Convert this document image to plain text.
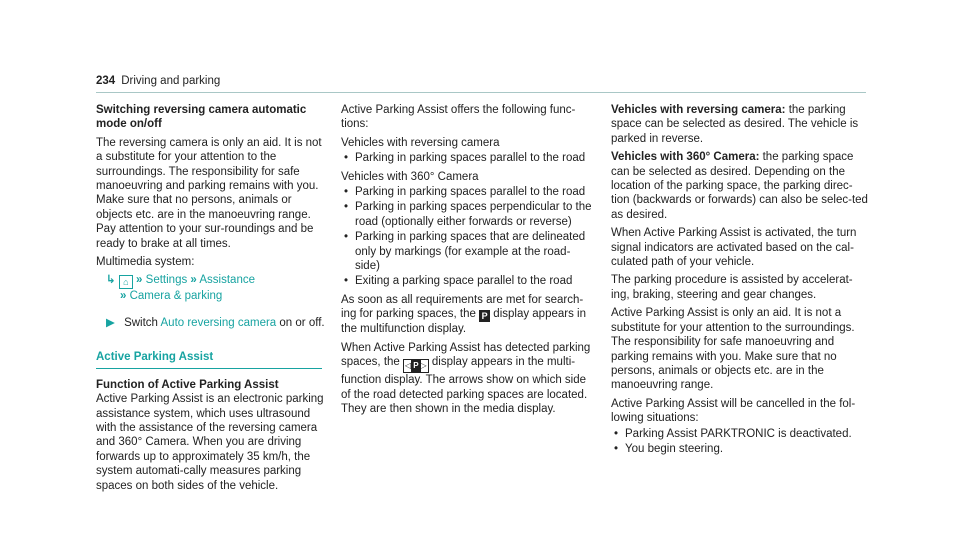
234 Driving and parking

Switching reversing camera automatic mode on/off

The reversing camera is only an aid. It is not a substitute for your attention to the surroundings. The responsibility for safe manoeuvring and parking remains with you. Make sure that no persons, animals or objects etc. are in the manoeuvring range. Pay attention to your sur-roundings and be ready to brake at all times.

Multimedia system:

↳ ⌂ » Settings » Assistance
» Camera & parking
▶ Switch Auto reversing camera on or off.
Active Parking Assist

Function of Active Parking Assist

Active Parking Assist is an electronic parking assistance system, which uses ultrasound with the assistance of the reversing camera and 360° Camera. When you are driving forwards up to approximately 35 km/h, the system automati-cally measures parking spaces on both sides of the vehicle.

Active Parking Assist offers the following func-tions:

Vehicles with reversing camera

• Parking in parking spaces parallel to the road

Vehicles with 360° Camera

• Parking in parking spaces parallel to the road
• Parking in parking spaces perpendicular to the road (optionally either forwards or reverse)
• Parking in parking spaces that are delineated only by markings (for example at the road-side)
• Exiting a parking space parallel to the road

As soon as all requirements are met for search-ing for parking spaces, the P display appears in the multifunction display.

When Active Parking Assist has detected parking spaces, the ◁ P ▷ display appears in the multi-function display. The arrows show on which side of the road detected parking spaces are located. They are then shown in the media display.

Vehicles with reversing camera: the parking space can be selected as desired. The vehicle is parked in reverse.

Vehicles with 360° Camera: the parking space can be selected as desired. Depending on the location of the parking space, the parking direc-tion (backwards or forwards) can also be selec-ted as desired.

When Active Parking Assist is activated, the turn signal indicators are activated based on the cal-culated path of your vehicle.

The parking procedure is assisted by accelerat-ing, braking, steering and gear changes.

Active Parking Assist is only an aid. It is not a substitute for your attention to the surroundings. The responsibility for safe manoeuvring and parking remains with you. Make sure that no persons, animals or objects etc. are in the manoeuvring range.

Active Parking Assist will be cancelled in the fol-lowing situations:

• Parking Assist PARKTRONIC is deactivated.
• You begin steering.
